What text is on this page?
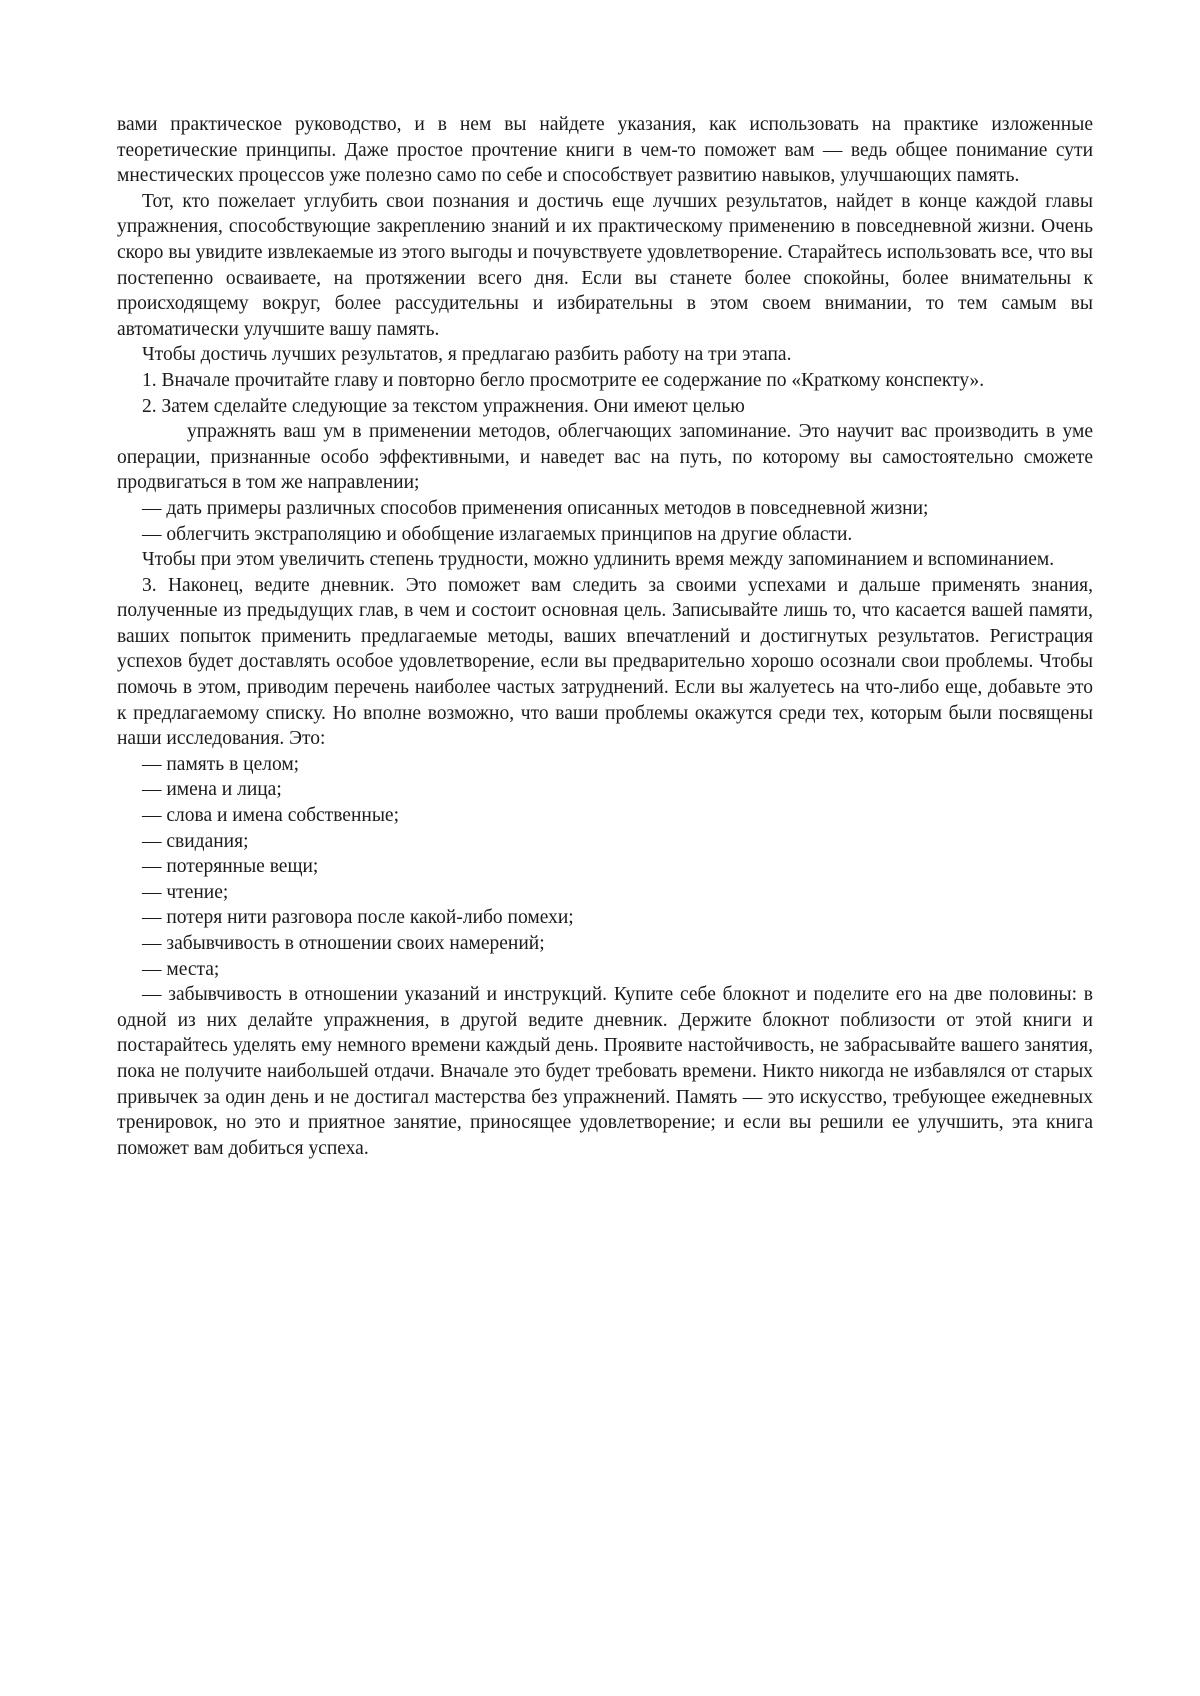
вами практическое руководство, и в нем вы найдете указания, как использовать на практике изложенные теоретические принципы. Даже простое прочтение книги в чем-то поможет вам — ведь общее понимание сути мнестических процессов уже полезно само по себе и способствует развитию навыков, улучшающих память.

Тот, кто пожелает углубить свои познания и достичь еще лучших результатов, найдет в конце каждой главы упражнения, способствующие закреплению знаний и их практическому применению в повседневной жизни. Очень скоро вы увидите извлекаемые из этого выгоды и почувствуете удовлетворение. Старайтесь использовать все, что вы постепенно осваиваете, на протяжении всего дня. Если вы станете более спокойны, более внимательны к происходящему вокруг, более рассудительны и избирательны в этом своем внимании, то тем самым вы автоматически улучшите вашу память.

Чтобы достичь лучших результатов, я предлагаю разбить работу на три этапа.

1. Вначале прочитайте главу и повторно бегло просмотрите ее содержание по «Краткому конспекту».

2. Затем сделайте следующие за текстом упражнения. Они имеют целью

упражнять ваш ум в применении методов, облегчающих запоминание. Это научит вас производить в уме операции, признанные особо эффективными, и наведет вас на путь, по которому вы самостоятельно сможете продвигаться в том же направлении;

— дать примеры различных способов применения описанных методов в повседневной жизни;

— облегчить экстраполяцию и обобщение излагаемых принципов на другие области.

Чтобы при этом увеличить степень трудности, можно удлинить время между запоминанием и вспоминанием.

3. Наконец, ведите дневник. Это поможет вам следить за своими успехами и дальше применять знания, полученные из предыдущих глав, в чем и состоит основная цель. Записывайте лишь то, что касается вашей памяти, ваших попыток применить предлагаемые методы, ваших впечатлений и достигнутых результатов. Регистрация успехов будет доставлять особое удовлетворение, если вы предварительно хорошо осознали свои проблемы. Чтобы помочь в этом, приводим перечень наиболее частых затруднений. Если вы жалуетесь на что-либо еще, добавьте это к предлагаемому списку. Но вполне возможно, что ваши проблемы окажутся среди тех, которым были посвящены наши исследования. Это:

— память в целом;

— имена и лица;

— слова и имена собственные;

— свидания;

— потерянные вещи;

— чтение;

— потеря нити разговора после какой-либо помехи;

— забывчивость в отношении своих намерений;

— места;

— забывчивость в отношении указаний и инструкций. Купите себе блокнот и поделите его на две половины: в одной из них делайте упражнения, в другой ведите дневник. Держите блокнот поблизости от этой книги и постарайтесь уделять ему немного времени каждый день. Проявите настойчивость, не забрасывайте вашего занятия, пока не получите наибольшей отдачи. Вначале это будет требовать времени. Никто никогда не избавлялся от старых привычек за один день и не достигал мастерства без упражнений. Память — это искусство, требующее ежедневных тренировок, но это и приятное занятие, приносящее удовлетворение; и если вы решили ее улучшить, эта книга поможет вам добиться успеха.
